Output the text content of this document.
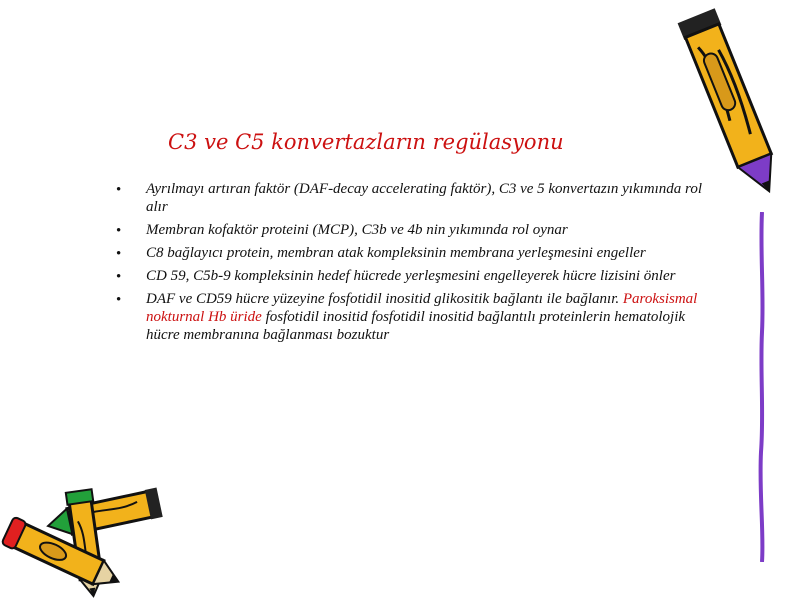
C3 ve C5 konvertazların regülasyonu
• Ayrılmayı artıran faktör (DAF-decay accelerating faktör), C3 ve 5 konvertazın yıkımında rol alır
• Membran kofaktör proteini (MCP), C3b ve 4b nin yıkımında rol oynar
• C8 bağlayıcı protein, membran atak kompleksinin membrana yerleşmesini engeller
• CD 59, C5b-9 kompleksinin hedef hücrede yerleşmesini engelleyerek hücre lizisini önler
• DAF ve CD59 hücre yüzeyine fosfotidil inositid glikositik bağlantı ile bağlanır. Paroksismal nokturnal Hb üride fosfotidil inositid fosfotidil inositid bağlantılı proteinlerin hematolojik hücre membranına bağlanması bozuktur
